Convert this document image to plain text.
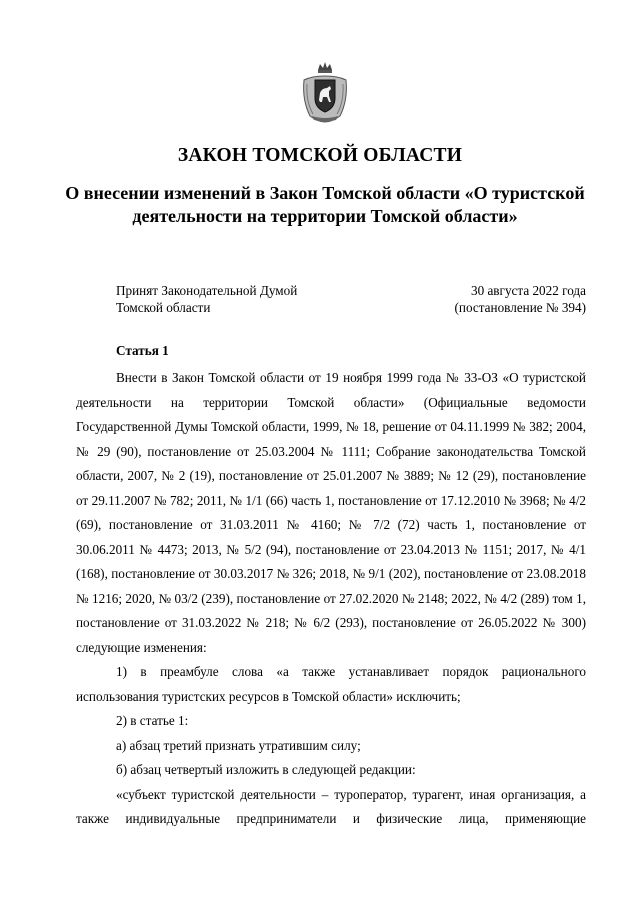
ЗАКОН ТОМСКОЙ ОБЛАСТИ
О внесении изменений в Закон Томской области «О туристской деятельности на территории Томской области»
Принят Законодательной Думой
Томской области
30 августа 2022 года
(постановление № 394)
Статья 1

Внести в Закон Томской области от 19 ноября 1999 года № 33-ОЗ «О туристской деятельности на территории Томской области» (Официальные ведомости Государственной Думы Томской области, 1999, № 18, решение от 04.11.1999 № 382; 2004, № 29 (90), постановление от 25.03.2004 № 1111; Собрание законодательства Томской области, 2007, № 2 (19), постановление от 25.01.2007 № 3889; № 12 (29), постановление от 29.11.2007 № 782; 2011, № 1/1 (66) часть 1, постановление от 17.12.2010 № 3968; № 4/2 (69), постановление от 31.03.2011 № 4160; № 7/2 (72) часть 1, постановление от 30.06.2011 № 4473; 2013, № 5/2 (94), постановление от 23.04.2013 № 1151; 2017, № 4/1 (168), постановление от 30.03.2017 № 326; 2018, № 9/1 (202), постановление от 23.08.2018 № 1216; 2020, № 03/2 (239), постановление от 27.02.2020 № 2148; 2022, № 4/2 (289) том 1, постановление от 31.03.2022 № 218; № 6/2 (293), постановление от 26.05.2022 № 300) следующие изменения:

1) в преамбуле слова «а также устанавливает порядок рационального использования туристских ресурсов в Томской области» исключить;

2) в статье 1:

а) абзац третий признать утратившим силу;

б) абзац четвертый изложить в следующей редакции:

«субъект туристской деятельности – туроператор, турагент, иная организация, а также индивидуальные предприниматели и физические лица, применяющие
